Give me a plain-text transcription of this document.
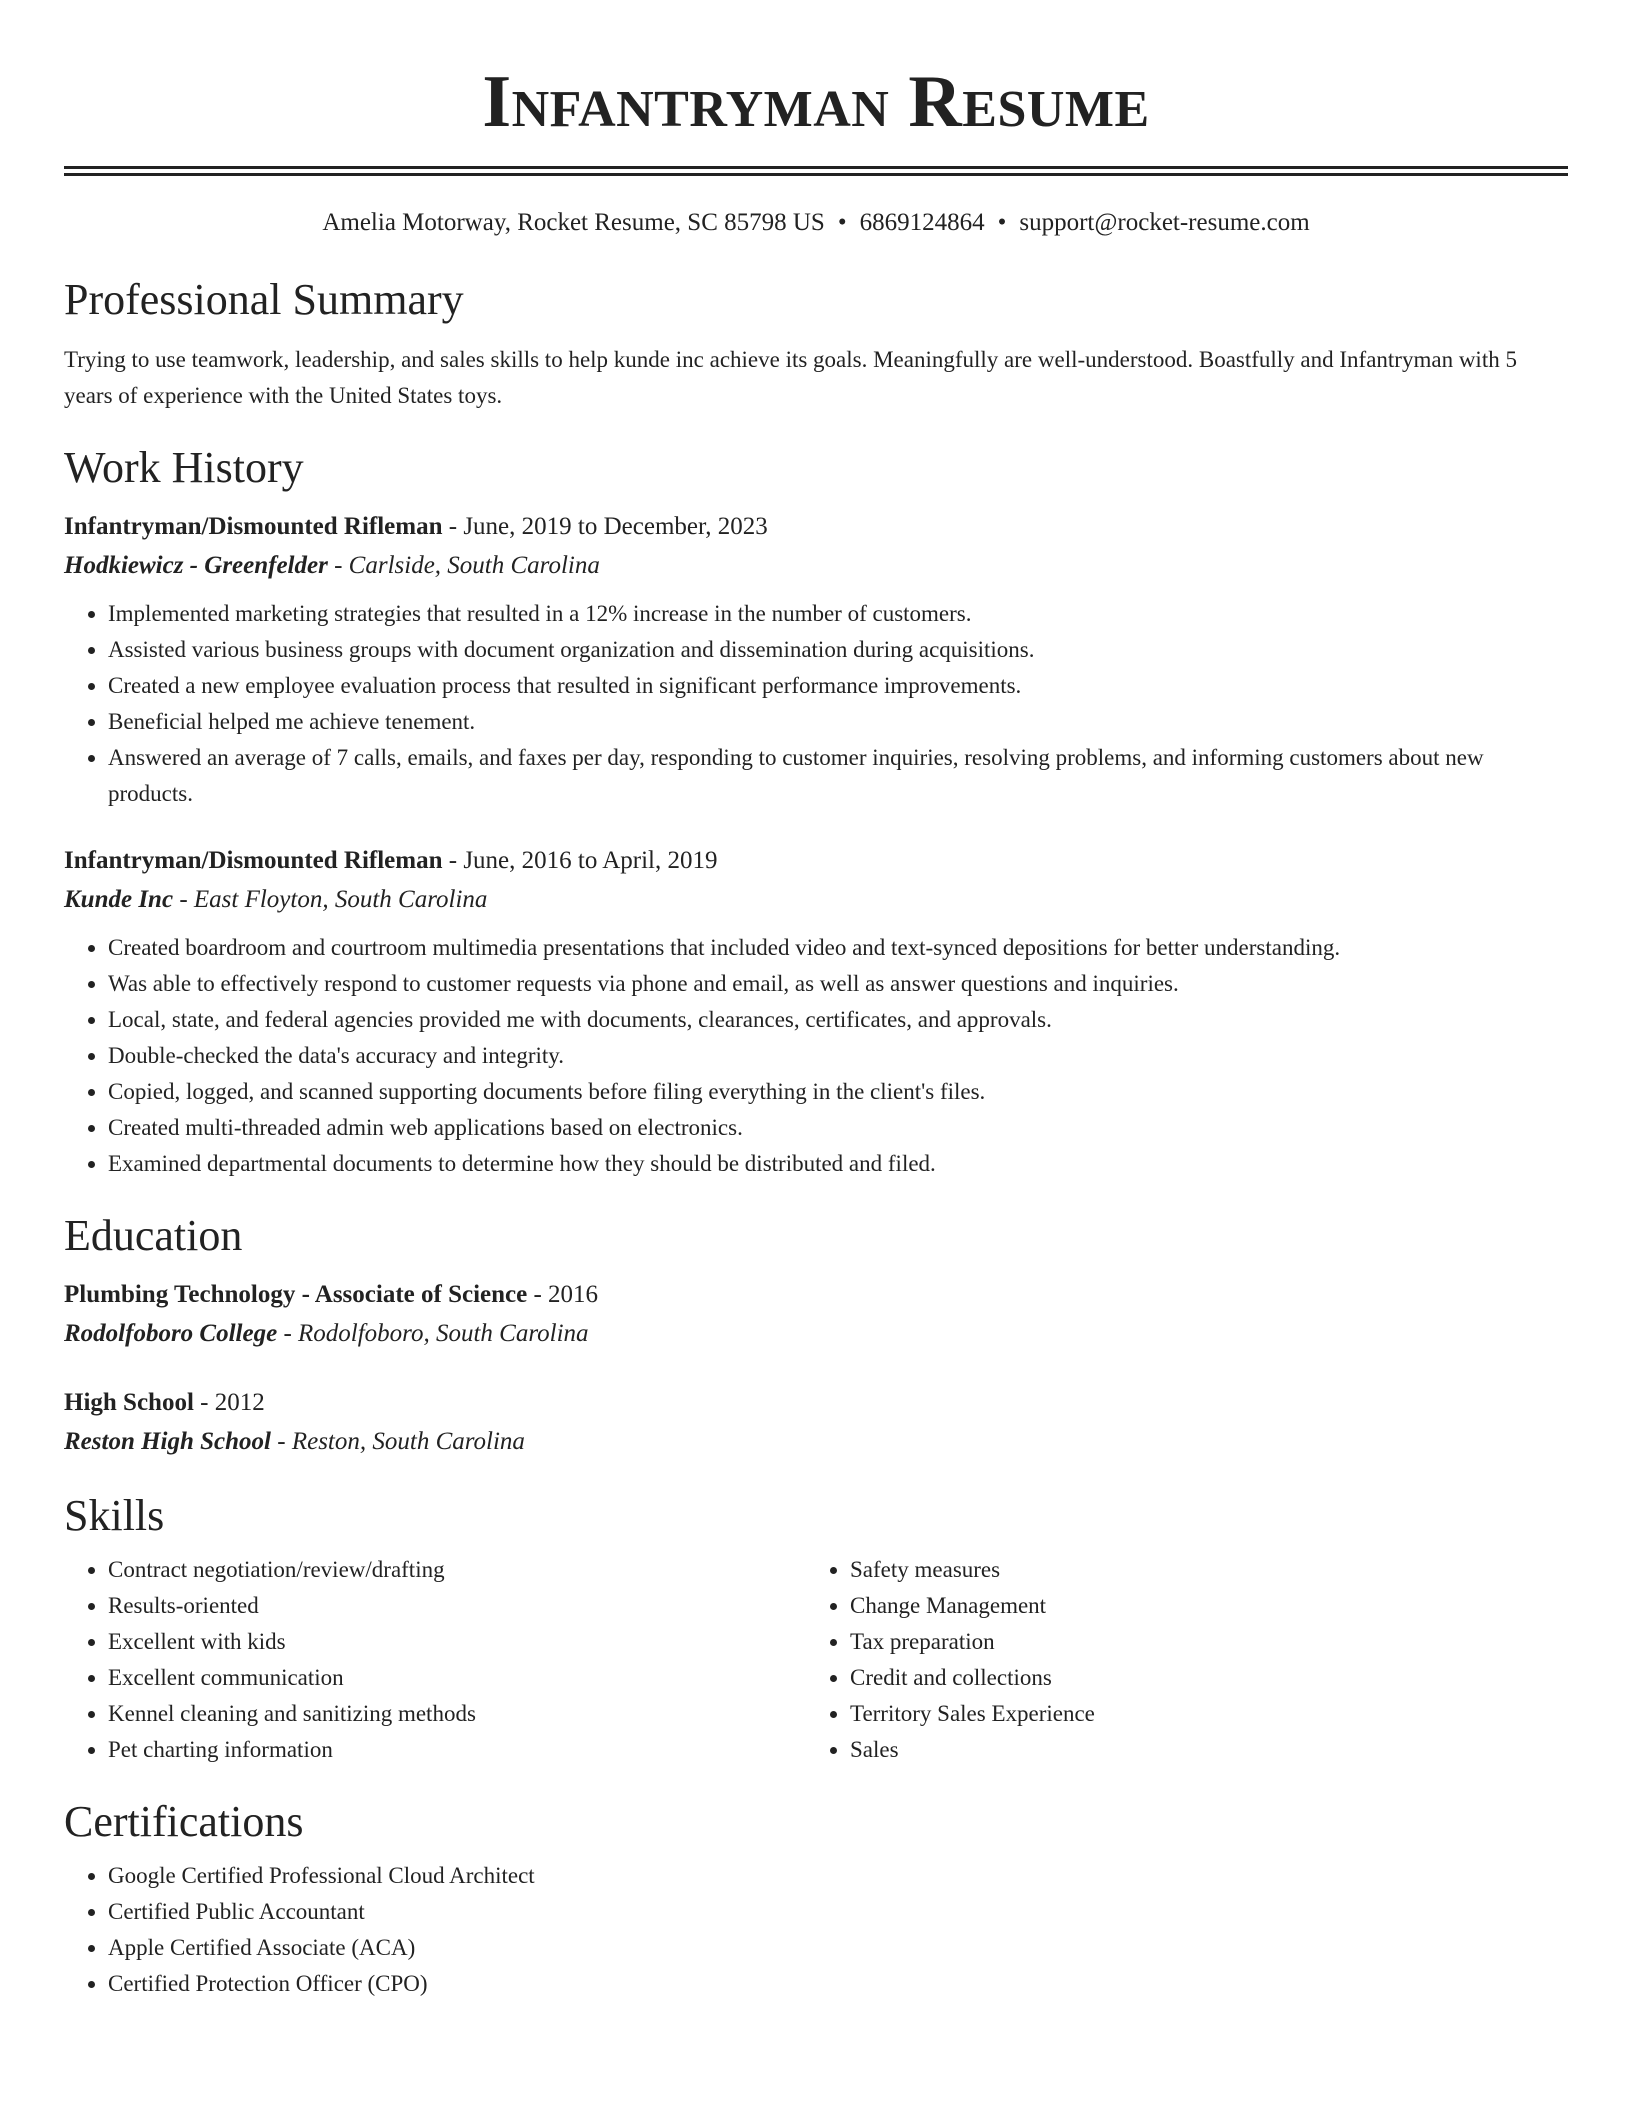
Infantryman Resume
Amelia Motorway, Rocket Resume, SC 85798 US • 6869124864 • support@rocket-resume.com
Professional Summary

Trying to use teamwork, leadership, and sales skills to help kunde inc achieve its goals. Meaningfully are well-understood. Boastfully and Infantryman with 5 years of experience with the United States toys.

Work History
Infantryman/Dismounted Rifleman - June, 2019 to December, 2023
Hodkiewicz - Greenfelder - Carlside, South Carolina
• Implemented marketing strategies that resulted in a 12% increase in the number of customers.
• Assisted various business groups with document organization and dissemination during acquisitions.
• Created a new employee evaluation process that resulted in significant performance improvements.
• Beneficial helped me achieve tenement.
• Answered an average of 7 calls, emails, and faxes per day, responding to customer inquiries, resolving problems, and informing customers about new products.
Infantryman/Dismounted Rifleman - June, 2016 to April, 2019
Kunde Inc - East Floyton, South Carolina
• Created boardroom and courtroom multimedia presentations that included video and text-synced depositions for better understanding.
• Was able to effectively respond to customer requests via phone and email, as well as answer questions and inquiries.
• Local, state, and federal agencies provided me with documents, clearances, certificates, and approvals.
• Double-checked the data's accuracy and integrity.
• Copied, logged, and scanned supporting documents before filing everything in the client's files.
• Created multi-threaded admin web applications based on electronics.
• Examined departmental documents to determine how they should be distributed and filed.
Education
Plumbing Technology - Associate of Science - 2016
Rodolfoboro College - Rodolfoboro, South Carolina
High School - 2012
Reston High School - Reston, South Carolina
Skills
• Contract negotiation/review/drafting
• Results-oriented
• Excellent with kids
• Excellent communication
• Kennel cleaning and sanitizing methods
• Pet charting information
• Safety measures
• Change Management
• Tax preparation
• Credit and collections
• Territory Sales Experience
• Sales
Certifications
• Google Certified Professional Cloud Architect
• Certified Public Accountant
• Apple Certified Associate (ACA)
• Certified Protection Officer (CPO)
